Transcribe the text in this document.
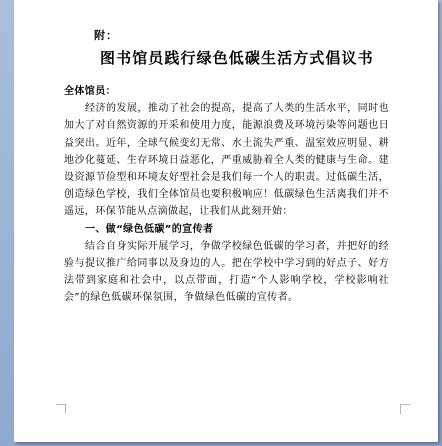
附：
图书馆员践行绿色低碳生活方式倡议书

全体馆员：

经济的发展，推动了社会的提高，提高了人类的生活水平，同时也加大了对自然资源的开采和使用力度，能源浪费及环境污染等问题也日益突出。近年，全球气候变幻无常、水土流失严重、温室效应明显、耕地沙化蔓延、生存环境日益恶化，严重威胁着全人类的健康与生命。建设资源节俭型和环境友好型社会是我们每一个人的职责。过低碳生活，创造绿色学校，我们全体馆员也要积极响应！低碳绿色生活离我们并不遥远，环保节能从点滴做起，让我们从此刻开始：

一、做“绿色低碳”的宣传者

结合自身实际开展学习，争做学校绿色低碳的学习者，并把好的经验与提议推广给同事以及身边的人。把在学校中学习到的好点子、好方法带到家庭和社会中，以点带面，打造“个人影响学校，学校影响社会”的绿色低碳环保氛围，争做绿色低碳的宣传者。
